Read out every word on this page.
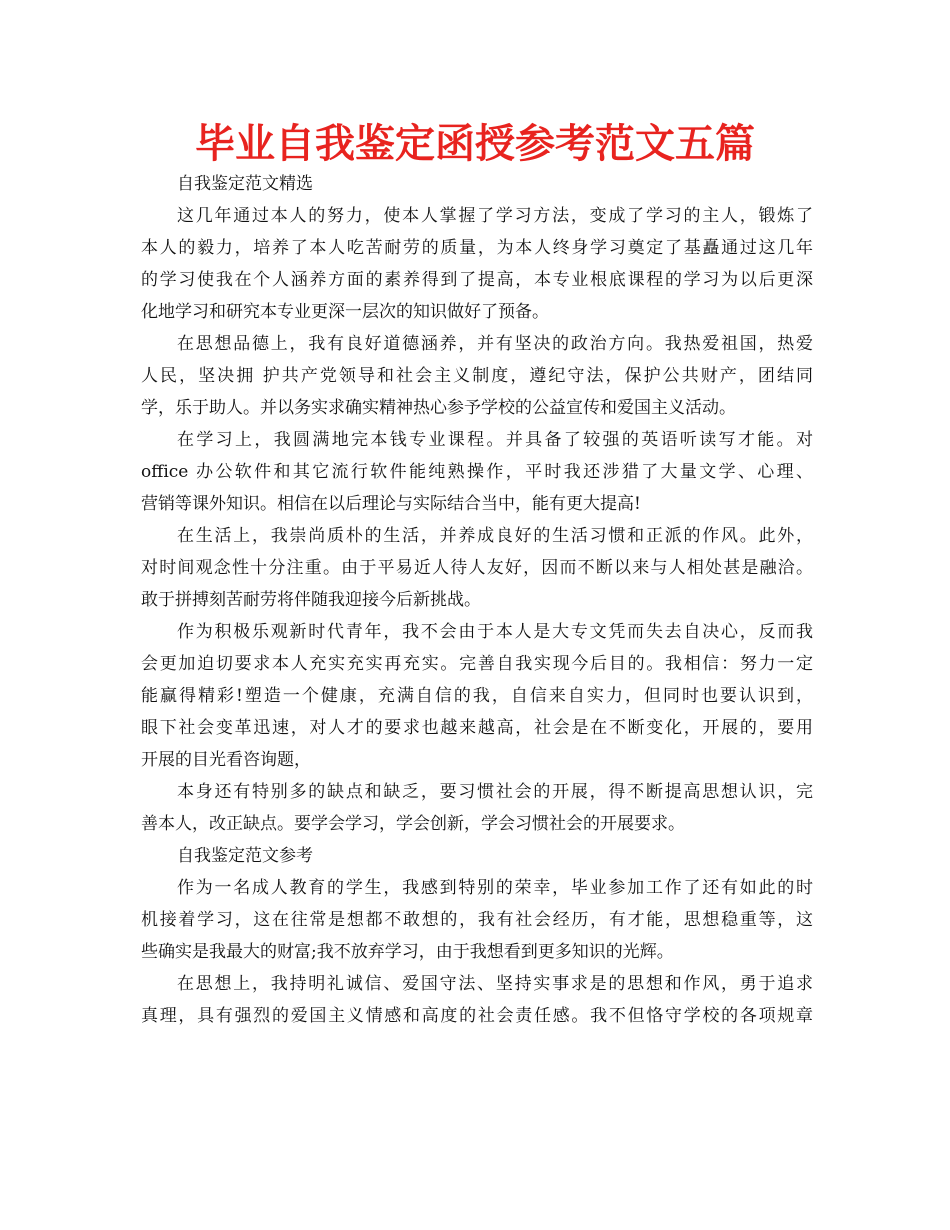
毕业自我鉴定函授参考范文五篇
自我鉴定范文精选
这几年通过本人的努力，使本人掌握了学习方法，变成了学习的主人，锻炼了
本人的毅力，培养了本人吃苦耐劳的质量，为本人终身学习奠定了基矗通过这几年
的学习使我在个人涵养方面的素养得到了提高，本专业根底课程的学习为以后更深
化地学习和研究本专业更深一层次的知识做好了预备。
在思想品德上，我有良好道德涵养，并有坚决的政治方向。我热爱祖国，热爱
人民，坚决拥 护共产党领导和社会主义制度，遵纪守法，保护公共财产，团结同
学，乐于助人。并以务实求确实精神热心参予学校的公益宣传和爱国主义活动。
在学习上，我圆满地完本钱专业课程。并具备了较强的英语听读写才能。对
office 办公软件和其它流行软件能纯熟操作，平时我还涉猎了大量文学、心理、
营销等课外知识。相信在以后理论与实际结合当中，能有更大提高!
在生活上，我崇尚质朴的生活，并养成良好的生活习惯和正派的作风。此外，
对时间观念性十分注重。由于平易近人待人友好，因而不断以来与人相处甚是融洽。
敢于拼搏刻苦耐劳将伴随我迎接今后新挑战。
作为积极乐观新时代青年，我不会由于本人是大专文凭而失去自决心，反而我
会更加迫切要求本人充实充实再充实。完善自我实现今后目的。我相信：努力一定
能赢得精彩!塑造一个健康，充满自信的我，自信来自实力，但同时也要认识到，
眼下社会变革迅速，对人才的要求也越来越高，社会是在不断变化，开展的，要用
开展的目光看咨询题，
本身还有特别多的缺点和缺乏，要习惯社会的开展，得不断提高思想认识，完
善本人，改正缺点。要学会学习，学会创新，学会习惯社会的开展要求。
自我鉴定范文参考
作为一名成人教育的学生，我感到特别的荣幸，毕业参加工作了还有如此的时
机接着学习，这在往常是想都不敢想的，我有社会经历，有才能，思想稳重等，这
些确实是我最大的财富;我不放弃学习，由于我想看到更多知识的光辉。
在思想上，我持明礼诚信、爱国守法、坚持实事求是的思想和作风，勇于追求
真理，具有强烈的爱国主义情感和高度的社会责任感。我不但恪守学校的各项规章
